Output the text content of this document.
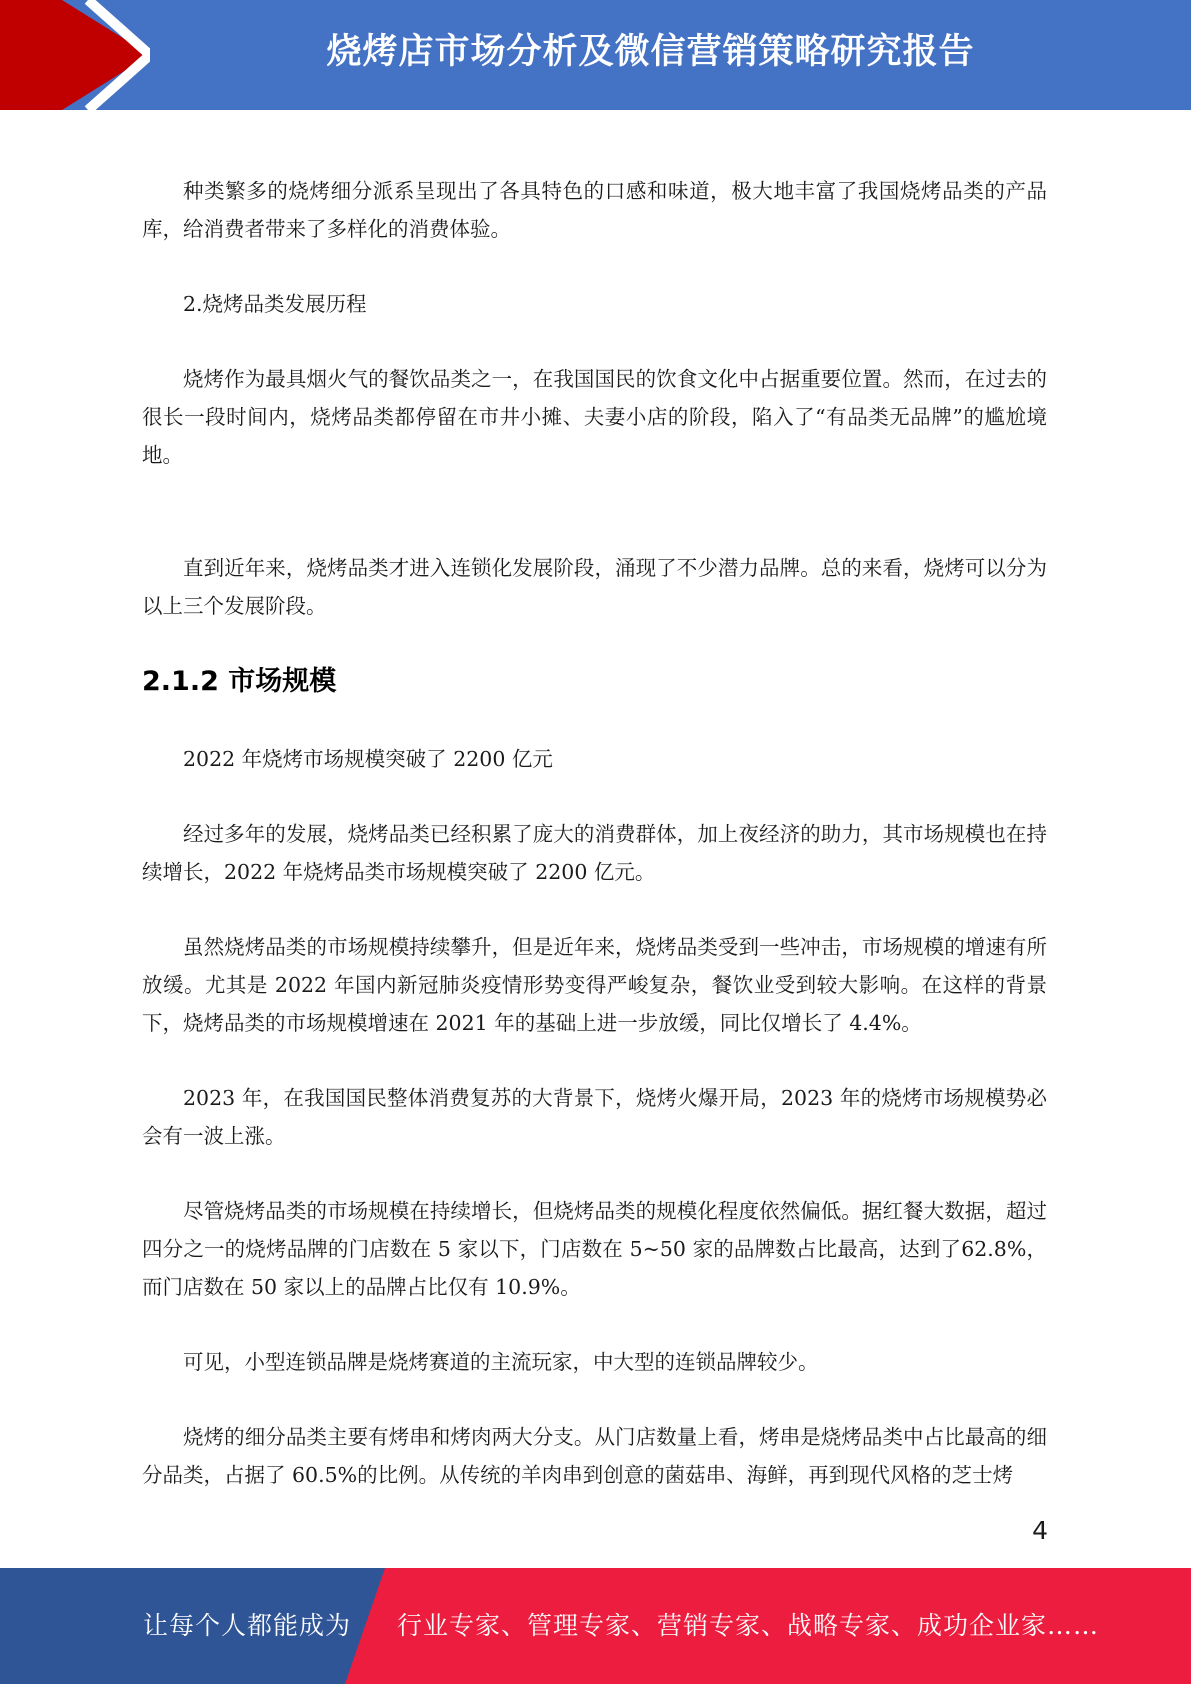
烧烤店市场分析及微信营销策略研究报告

种类繁多的烧烤细分派系呈现出了各具特色的口感和味道，极大地丰富了我国烧烤品类的产品库，给消费者带来了多样化的消费体验。

2.烧烤品类发展历程

烧烤作为最具烟火气的餐饮品类之一，在我国国民的饮食文化中占据重要位置。然而，在过去的很长一段时间内，烧烤品类都停留在市井小摊、夫妻小店的阶段，陷入了“有品类无品牌”的尴尬境地。

直到近年来，烧烤品类才进入连锁化发展阶段，涌现了不少潜力品牌。总的来看，烧烤可以分为以上三个发展阶段。

2.1.2 市场规模

2022 年烧烤市场规模突破了 2200 亿元

经过多年的发展，烧烤品类已经积累了庞大的消费群体，加上夜经济的助力，其市场规模也在持续增长，2022 年烧烤品类市场规模突破了 2200 亿元。

虽然烧烤品类的市场规模持续攀升，但是近年来，烧烤品类受到一些冲击，市场规模的增速有所放缓。尤其是 2022 年国内新冠肺炎疫情形势变得严峻复杂，餐饮业受到较大影响。在这样的背景下，烧烤品类的市场规模增速在 2021 年的基础上进一步放缓，同比仅增长了 4.4%。

2023 年，在我国国民整体消费复苏的大背景下，烧烤火爆开局，2023 年的烧烤市场规模势必会有一波上涨。

尽管烧烤品类的市场规模在持续增长，但烧烤品类的规模化程度依然偏低。据红餐大数据，超过四分之一的烧烤品牌的门店数在 5 家以下，门店数在 5~50 家的品牌数占比最高，达到了62.8%，而门店数在 50 家以上的品牌占比仅有 10.9%。

可见，小型连锁品牌是烧烤赛道的主流玩家，中大型的连锁品牌较少。

烧烤的细分品类主要有烤串和烤肉两大分支。从门店数量上看，烤串是烧烤品类中占比最高的细分品类，占据了 60.5%的比例。从传统的羊肉串到创意的菌菇串、海鲜，再到现代风格的芝士烤

4
让每个人都能成为 行业专家、管理专家、营销专家、战略专家、成功企业家……
